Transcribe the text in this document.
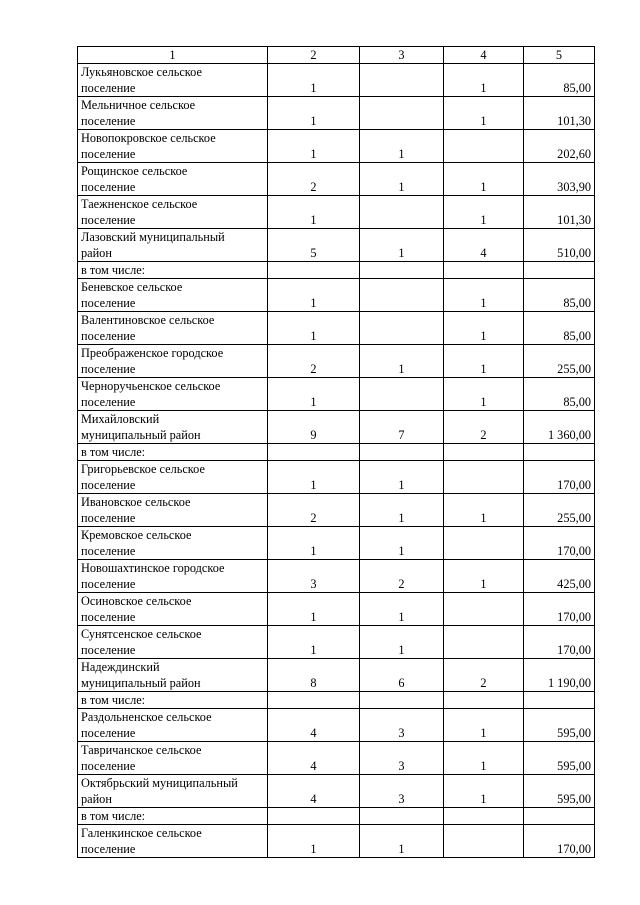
1	2	3	4	5
Лукьяновское сельское
поселение	1		1	85,00
Мельничное сельское
поселение	1		1	101,30
Новопокровское сельское
поселение	1	1		202,60
Рощинское сельское
поселение	2	1	1	303,90
Таежненское сельское
поселение	1		1	101,30
Лазовский муниципальный
район	5	1	4	510,00
в том числе:				
Беневское сельское
поселение	1		1	85,00
Валентиновское сельское
поселение	1		1	85,00
Преображенское городское
поселение	2	1	1	255,00
Черноручьенское сельское
поселение	1		1	85,00
Михайловский
муниципальный район	9	7	2	1 360,00
в том числе:				
Григорьевское сельское
поселение	1	1		170,00
Ивановское сельское
поселение	2	1	1	255,00
Кремовское сельское
поселение	1	1		170,00
Новошахтинское городское
поселение	3	2	1	425,00
Осиновское сельское
поселение	1	1		170,00
Сунятсенское сельское
поселение	1	1		170,00
Надеждинский
муниципальный район	8	6	2	1 190,00
в том числе:				
Раздольненское сельское
поселение	4	3	1	595,00
Тавричанское сельское
поселение	4	3	1	595,00
Октябрьский муниципальный
район	4	3	1	595,00
в том числе:				
Галенкинское сельское
поселение	1	1		170,00
